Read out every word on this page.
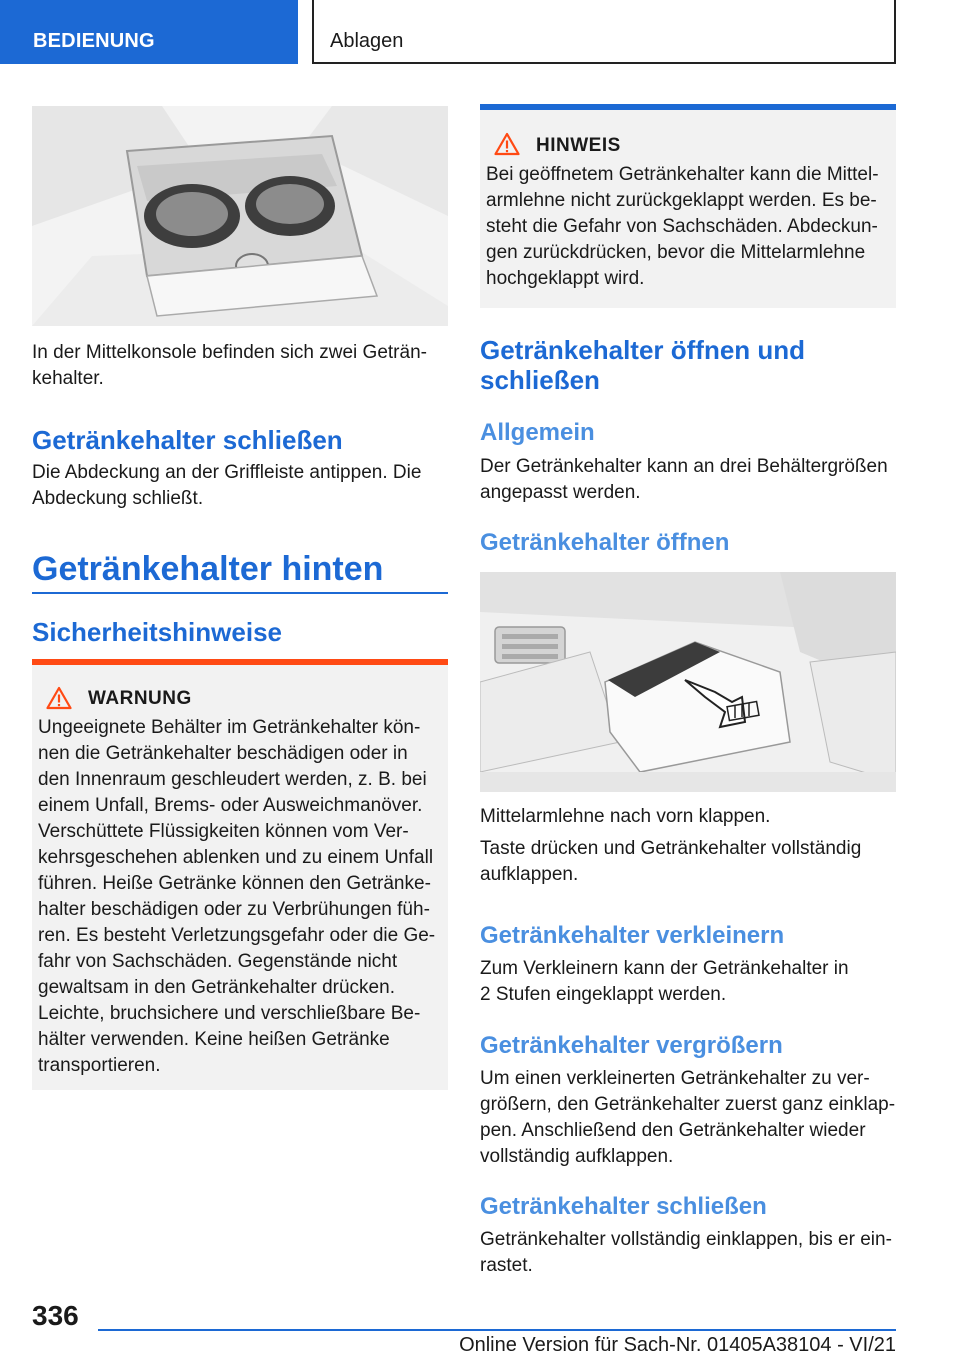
BEDIENUNG	Ablagen
In der Mittelkonsole befinden sich zwei Geträn-
kehalter.
Getränkehalter schließen
Die Abdeckung an der Griffleiste antippen. Die
Abdeckung schließt.
Getränkehalter hinten
Sicherheitshinweise
WARNUNG
Ungeeignete Behälter im Getränkehalter kön-
nen die Getränkehalter beschädigen oder in
den Innenraum geschleudert werden, z. B. bei
einem Unfall, Brems- oder Ausweichmanöver.
Verschüttete Flüssigkeiten können vom Ver-
kehrsgeschehen ablenken und zu einem Unfall
führen. Heiße Getränke können den Getränke-
halter beschädigen oder zu Verbrühungen füh-
ren. Es besteht Verletzungsgefahr oder die Ge-
fahr von Sachschäden. Gegenstände nicht
gewaltsam in den Getränkehalter drücken.
Leichte, bruchsichere und verschließbare Be-
hälter verwenden. Keine heißen Getränke
transportieren.
HINWEIS
Bei geöffnetem Getränkehalter kann die Mittel-
armlehne nicht zurückgeklappt werden. Es be-
steht die Gefahr von Sachschäden. Abdeckun-
gen zurückdrücken, bevor die Mittelarmlehne
hochgeklappt wird.
Getränkehalter öffnen und
schließen
Allgemein
Der Getränkehalter kann an drei Behältergrößen
angepasst werden.
Getränkehalter öffnen
Mittelarmlehne nach vorn klappen.
Taste drücken und Getränkehalter vollständig
aufklappen.
Getränkehalter verkleinern
Zum Verkleinern kann der Getränkehalter in
2 Stufen eingeklappt werden.
Getränkehalter vergrößern
Um einen verkleinerten Getränkehalter zu ver-
größern, den Getränkehalter zuerst ganz einklap-
pen. Anschließend den Getränkehalter wieder
vollständig aufklappen.
Getränkehalter schließen
Getränkehalter vollständig einklappen, bis er ein-
rastet.
336
Online Version für Sach-Nr. 01405A38104 - VI/21
